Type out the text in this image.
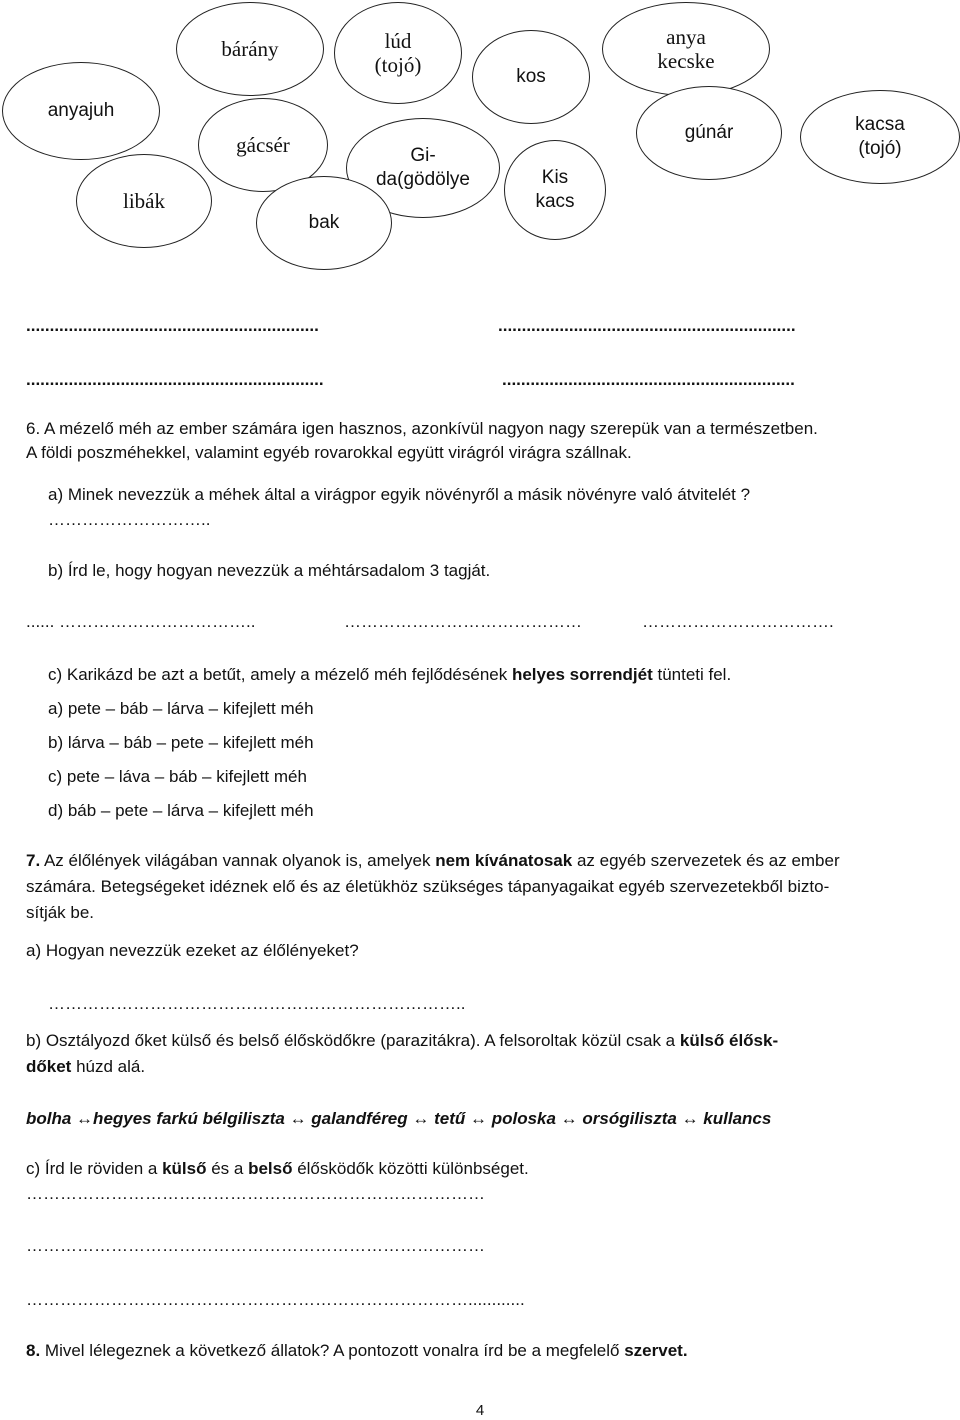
anyajuh
bárány	lúd
(tojó)	kos
anya
kecske
libák
gácsér	Gi-
da(gödölye
bak
Kis
kacs
gúnár	kacsa
(tojó)
..............................................................	...............................................................
...............................................................	..............................................................
6. A mézelő méh az ember számára igen hasznos, azonkívül nagyon nagy szerepük van a természetben.
A földi poszméhekkel, valamint egyéb rovarokkal együtt virágról virágra szállnak.
a) Minek nevezzük a méhek által a virágpor egyik növényről a másik növényre való átvitelét ?
………………………..
b) Írd le, hogy hogyan nevezzük a méhtársadalom 3 tagját.
...... ……………………………..	……………………………………	…………………………….
c) Karikázd be azt a betűt, amely a mézelő méh fejlődésének helyes sorrendjét tünteti fel.
a) pete – báb – lárva – kifejlett méh
b) lárva – báb – pete – kifejlett méh
c) pete – láva – báb – kifejlett méh
d) báb – pete – lárva – kifejlett méh
7. Az élőlények világában vannak olyanok is, amelyek nem kívánatosak az egyéb szervezetek és az ember
számára. Betegségeket idéznek elő és az életükhöz szükséges tápanyagaikat egyéb szervezetekből bizto-
sítják be.
a) Hogyan nevezzük ezeket az élőlényeket?
………………………………………………………………..
b) Osztályozd őket külső és belső élősködőkre (parazitákra). A felsoroltak közül csak a külső élősk-
dőket húzd alá.
bolha ↔hegyes farkú bélgiliszta ↔ galandféreg ↔ tetű ↔ poloska ↔ orsógiliszta ↔ kullancs
c) Írd le röviden a külső és a belső élősködők közötti különbséget.
………………………………………………………………………
………………………………………………………………………
……………………………………………………………………............
8. Mivel lélegeznek a következő állatok? A pontozott vonalra írd be a megfelelő szervet.
4
